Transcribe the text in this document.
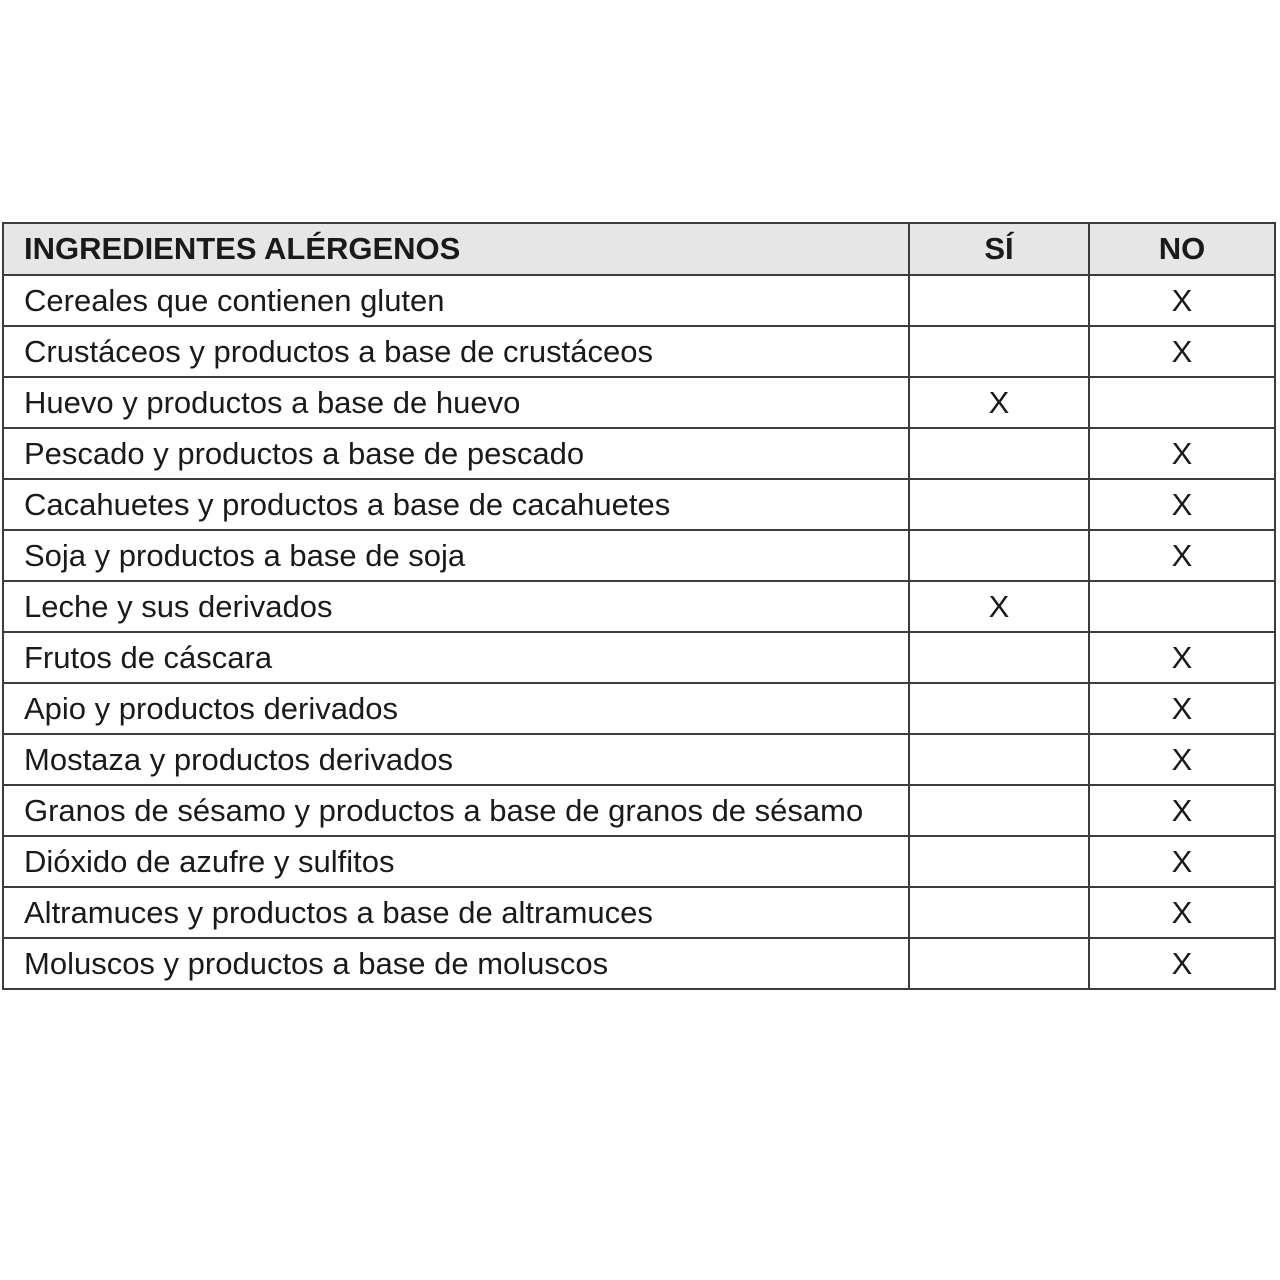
INGREDIENTES ALÉRGENOS	SÍ	NO
Cereales que contienen gluten		X
Crustáceos y productos a base de crustáceos		X
Huevo y productos a base de huevo	X	
Pescado y productos a base de pescado		X
Cacahuetes y productos a base de cacahuetes		X
Soja y productos a base de soja		X
Leche y sus derivados	X	
Frutos de cáscara		X
Apio y productos derivados		X
Mostaza y productos derivados		X
Granos de sésamo y productos a base de granos de sésamo		X
Dióxido de azufre y sulfitos		X
Altramuces y productos a base de altramuces		X
Moluscos y productos a base de moluscos		X
